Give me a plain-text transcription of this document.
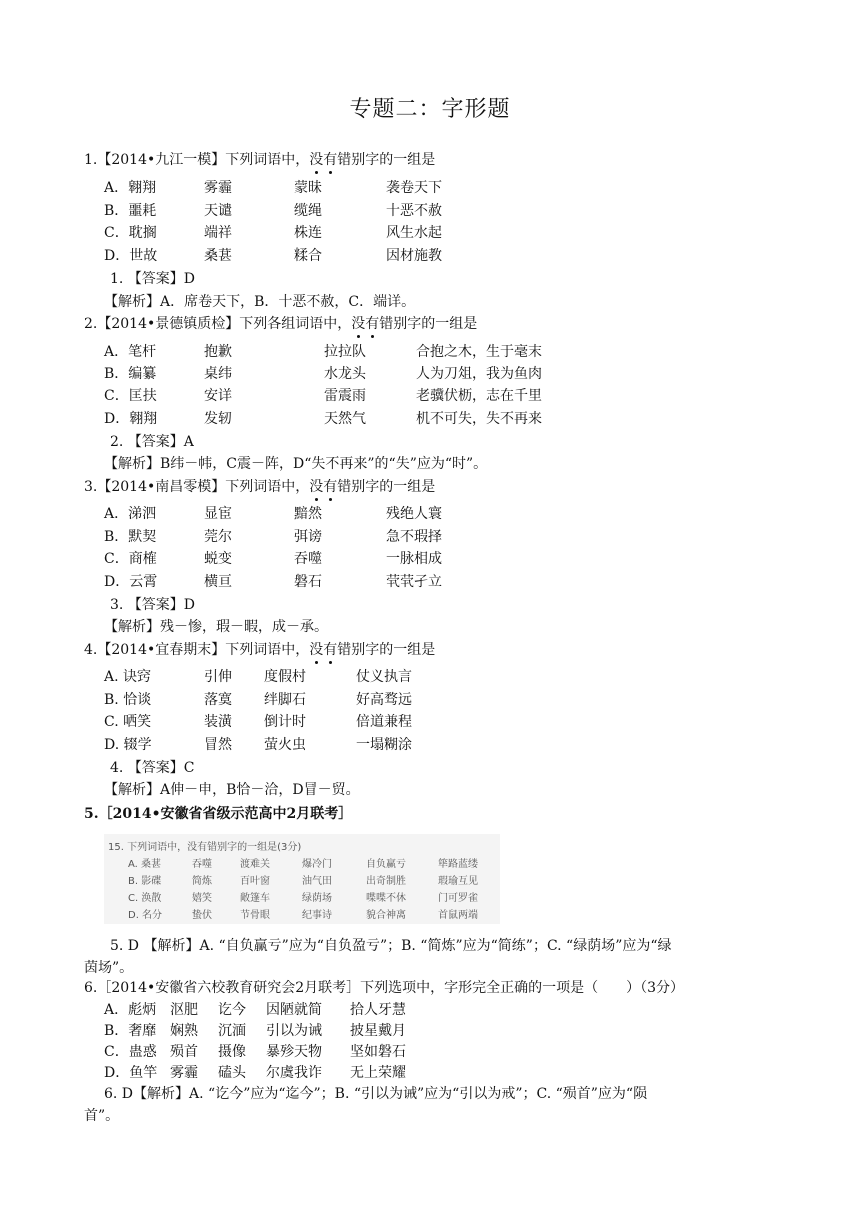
专题二：字形题
1.【2014•九江一模】下列词语中，没有错别字的一组是
A．翱翔	雾霾	蒙昧	袭卷天下
B．噩耗	天谴	缆绳	十恶不赦
C．耽搁	端祥	株连	风生水起
D．世故	桑葚	糅合	因材施教
1. 【答案】D
【解析】A．席卷天下，B．十恶不赦，C．端详。
2.【2014•景德镇质检】下列各组词语中，没有错别字的一组是
A．笔杆	抱歉	拉拉队	合抱之木，生于毫末
B．编纂	桌纬	水龙头	人为刀俎，我为鱼肉
C．匡扶	安详	雷震雨	老骥伏枥，志在千里
D．翱翔	发轫	天然气	机不可失，失不再来
2. 【答案】A
【解析】B纬－帏，C震－阵，D“失不再来”的“失”应为“时”。
3.【2014•南昌零模】下列词语中，没有错别字的一组是
A．涕泗	显宦	黯然	残绝人寰
B．默契	莞尔	弭谤	急不瑕择
C．商榷	蜕变	吞噬	一脉相成
D．云霄	横亘	磐石	茕茕孑立
3. 【答案】D
【解析】残－惨，瑕－暇，成－承。
4.【2014•宜春期末】下列词语中，没有错别字的一组是
A. 诀窍	引伸 度假村	仗义执言
B. 恰谈	落寞 绊脚石	好高骛远
C. 哂笑	装潢 倒计时	倍道兼程
D. 辍学	冒然 萤火虫	一塌糊涂
4. 【答案】C
【解析】A伸－申，B恰－洽，D冒－贸。
5.［2014•安徽省省级示范高中2月联考］
15. 下列词语中，没有错别字的一组是(3分)
A. 桑葚	吞噬	渡难关	爆冷门	自负赢亏	筚路蓝缕
B. 影碟	简炼	百叶窗	油气田	出奇制胜	瑕瑜互见
C. 涣散	嬉笑	敞篷车	绿荫场	喋喋不休	门可罗雀
D. 名分	蛰伏	节骨眼	纪事诗	貌合神离	首鼠两端
5. D 【解析】A. “自负赢亏”应为“自负盈亏”；B. “简炼”应为“简练”；C. “绿荫场”应为“绿
茵场”。
6.［2014•安徽省六校教育研究会2月联考］下列选项中，字形完全正确的一项是（　　）（3分）
A．彪炳 沤肥 讫今 因陋就简 拾人牙慧
B．奢靡 娴熟 沉湎 引以为诫 披星戴月
C．蛊惑 殒首 摄像 暴殄天物 坚如磐石
D．鱼竿 雾霾 磕头 尔虞我诈 无上荣耀
6. D【解析】A. “讫今”应为“迄今”；B. “引以为诫”应为“引以为戒”；C. “殒首”应为“陨
首”。
